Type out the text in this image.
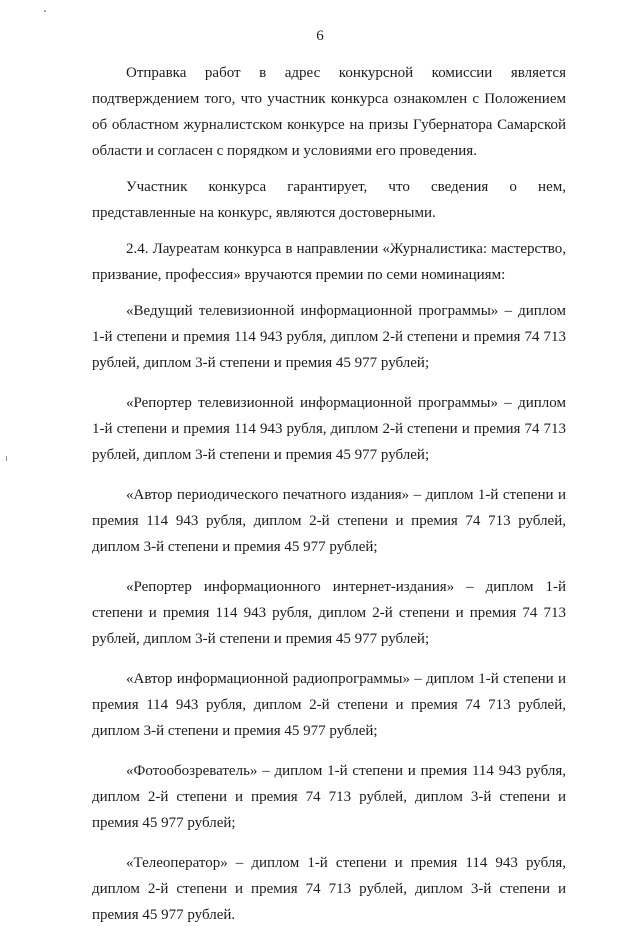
6

Отправка работ в адрес конкурсной комиссии является подтверждением того, что участник конкурса ознакомлен с Положением об областном журналистском конкурсе на призы Губернатора Самарской области и согласен с порядком и условиями его проведения.

Участник конкурса гарантирует, что сведения о нем, представленные на конкурс, являются достоверными.

2.4. Лауреатам конкурса в направлении «Журналистика: мастерство, призвание, профессия» вручаются премии по семи номинациям:

«Ведущий телевизионной информационной программы» – диплом 1-й степени и премия 114 943 рубля, диплом 2-й степени и премия 74 713 рублей, диплом 3-й степени и премия 45 977 рублей;

«Репортер телевизионной информационной программы» – диплом 1-й степени и премия 114 943 рубля, диплом 2-й степени и премия 74 713 рублей, диплом 3-й степени и премия 45 977 рублей;

«Автор периодического печатного издания» – диплом 1-й степени и премия 114 943 рубля, диплом 2-й степени и премия 74 713 рублей, диплом 3-й степени и премия 45 977 рублей;

«Репортер информационного интернет-издания» – диплом 1-й степени и премия 114 943 рубля, диплом 2-й степени и премия 74 713 рублей, диплом 3-й степени и премия 45 977 рублей;

«Автор информационной радиопрограммы» – диплом 1-й степени и премия 114 943 рубля, диплом 2-й степени и премия 74 713 рублей, диплом 3-й степени и премия 45 977 рублей;

«Фотообозреватель» – диплом 1-й степени и премия 114 943 рубля, диплом 2-й степени и премия 74 713 рублей, диплом 3-й степени и премия 45 977 рублей;

«Телеоператор» – диплом 1-й степени и премия 114 943 рубля, диплом 2-й степени и премия 74 713 рублей, диплом 3-й степени и премия 45 977 рублей.
